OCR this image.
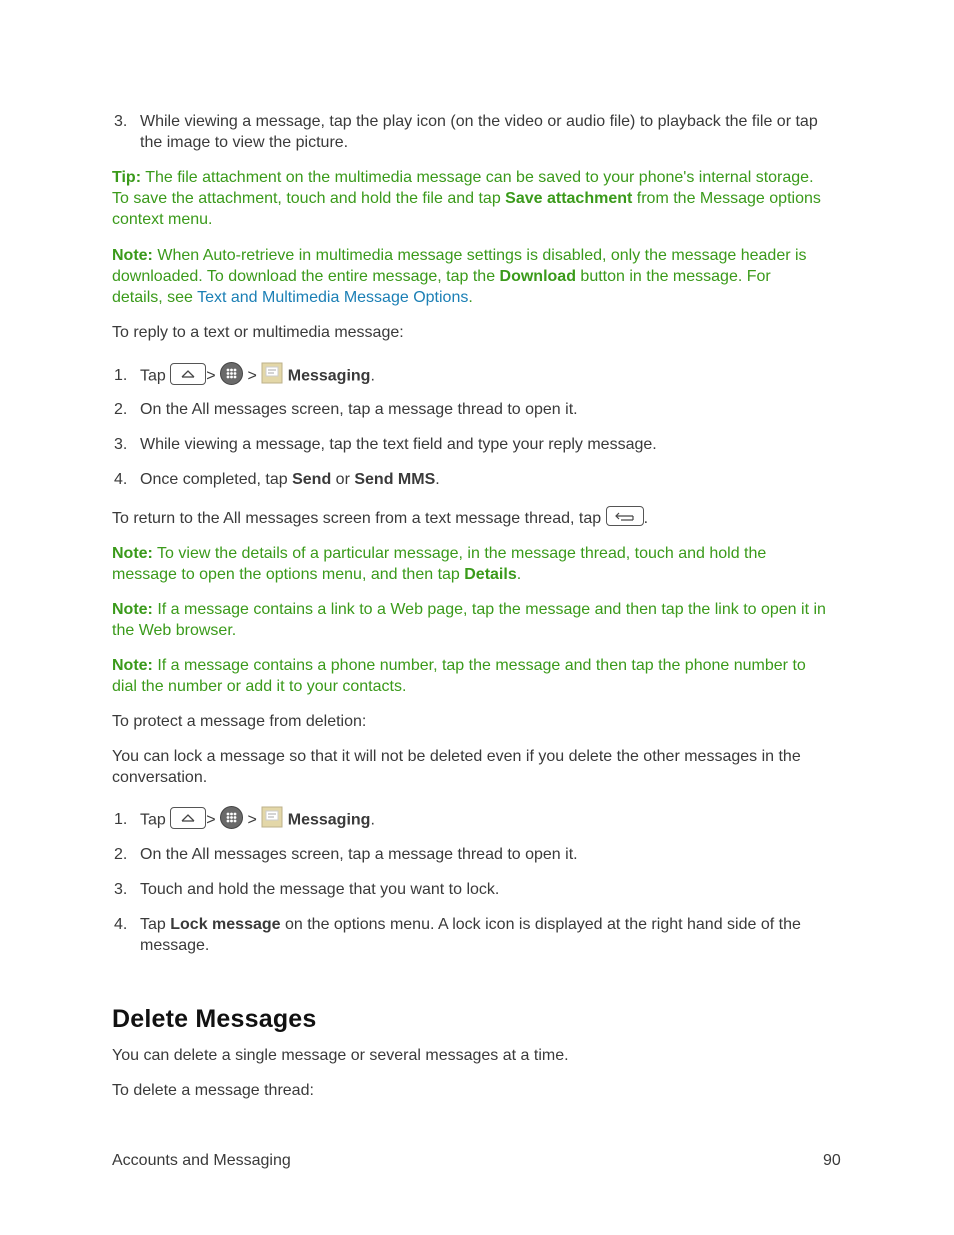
3. While viewing a message, tap the play icon (on the video or audio file) to playback the file or tap
the image to view the picture.
Tip: The file attachment on the multimedia message can be saved to your phone's internal storage.
To save the attachment, touch and hold the file and tap Save attachment from the Message options
context menu.
Note: When Auto-retrieve in multimedia message settings is disabled, only the message header is
downloaded. To download the entire message, tap the Download button in the message. For
details, see Text and Multimedia Message Options.
To reply to a text or multimedia message:
1. Tap	> > Messaging.
2. On the All messages screen, tap a message thread to open it.
3. While viewing a message, tap the text field and type your reply message.
4. Once completed, tap Send or Send MMS.
To return to the All messages screen from a text message thread, tap	.
Note: To view the details of a particular message, in the message thread, touch and hold the
message to open the options menu, and then tap Details.
Note: If a message contains a link to a Web page, tap the message and then tap the link to open it in
the Web browser.
Note: If a message contains a phone number, tap the message and then tap the phone number to
dial the number or add it to your contacts.
To protect a message from deletion:
You can lock a message so that it will not be deleted even if you delete the other messages in the
conversation.
1. Tap	> > Messaging.
2. On the All messages screen, tap a message thread to open it.
3. Touch and hold the message that you want to lock.
4. Tap Lock message on the options menu. A lock icon is displayed at the right hand side of the
message.
Delete Messages
You can delete a single message or several messages at a time.
To delete a message thread:
Accounts and Messaging	90
